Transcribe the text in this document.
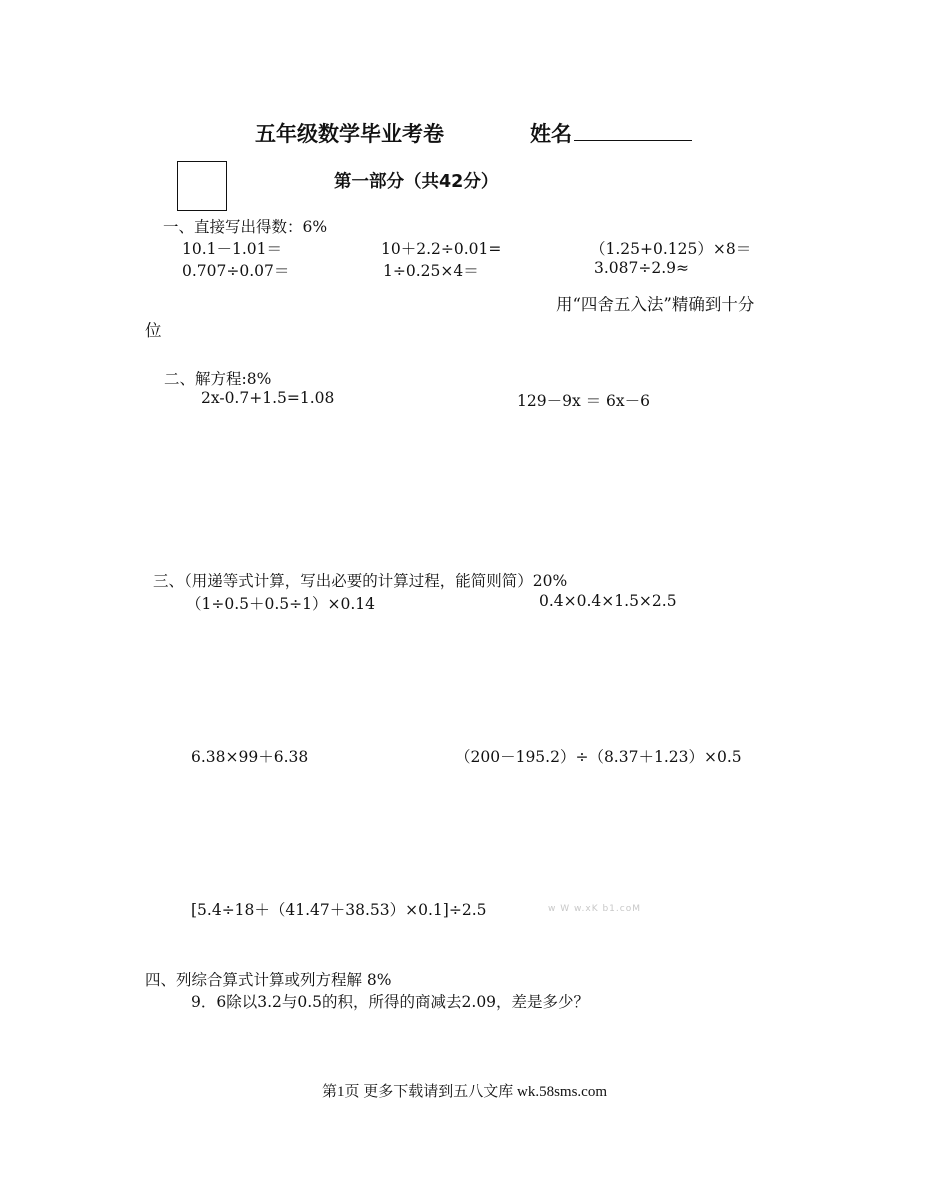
五年级数学毕业考卷	姓名
第一部分（共42分）
一、直接写出得数：6%
10.1－1.01＝	10＋2.2÷0.01=	（1.25+0.125）×8＝
0.707÷0.07＝	1÷0.25×4＝	3.087÷2.9≈
用“四舍五入法”精确到十分
位
二、解方程:8%
2x-0.7+1.5=1.08	129－9x ＝ 6x－6
三、（用递等式计算，写出必要的计算过程，能简则简）20%
（1÷0.5＋0.5÷1）×0.14	0.4×0.4×1.5×2.5
6.38×99＋6.38	（200－195.2）÷（8.37＋1.23）×0.5
[5.4÷18＋（41.47＋38.53）×0.1]÷2.5	w W w.xK b1.coM
四、列综合算式计算或列方程解 8%
9．6除以3.2与0.5的积，所得的商减去2.09，差是多少？
第1页 更多下载请到五八文库 wk.58sms.com
